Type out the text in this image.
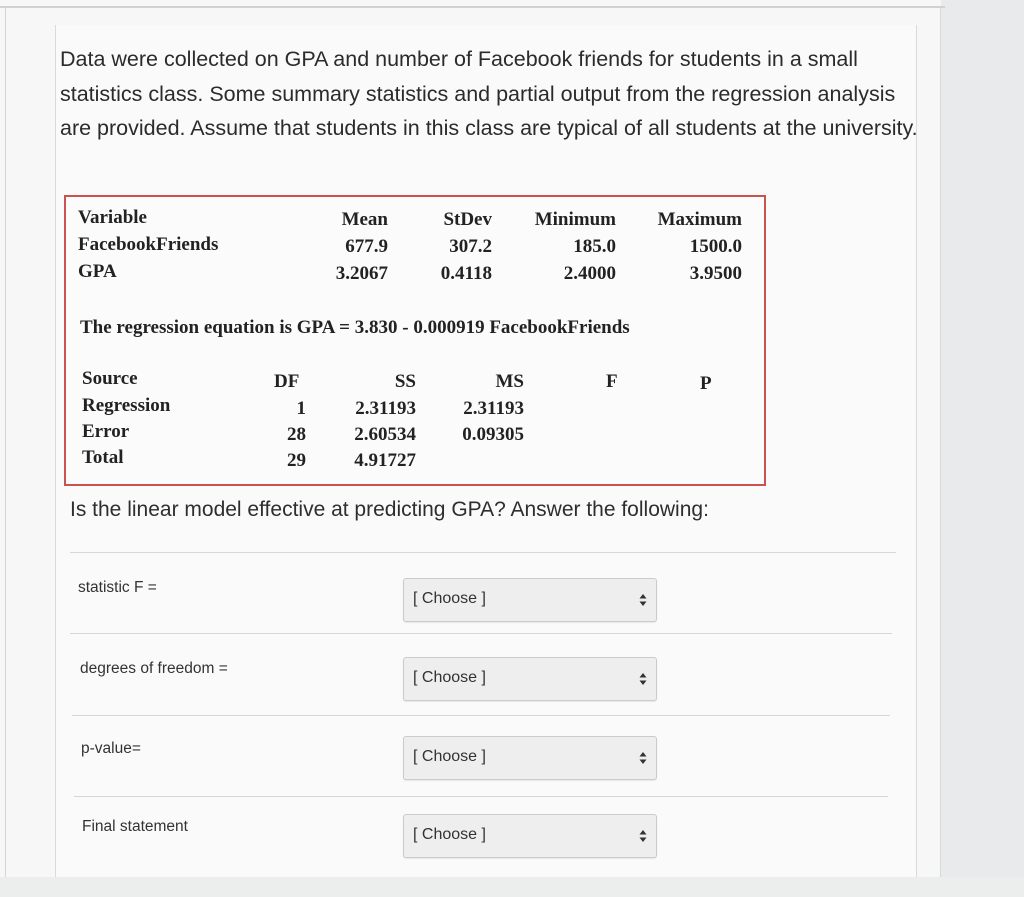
Data were collected on GPA and number of Facebook friends for students in a small statistics class. Some summary statistics and partial output from the regression analysis are provided. Assume that students in this class are typical of all students at the university.
Variable	Mean	StDev	Minimum	Maximum
FacebookFriends	677.9	307.2	185.0	1500.0
GPA	3.2067	0.4118	2.4000	3.9500
The regression equation is GPA = 3.830 - 0.000919 FacebookFriends
Source	DF	SS	MS	F	P
Regression	1	2.31193	2.31193
Error	28	2.60534	0.09305
Total	29	4.91727
Is the linear model effective at predicting GPA? Answer the following:
statistic F =
[ Choose ]
degrees of freedom =
[ Choose ]
p-value=	[ Choose ]
Final statement	[ Choose ]
